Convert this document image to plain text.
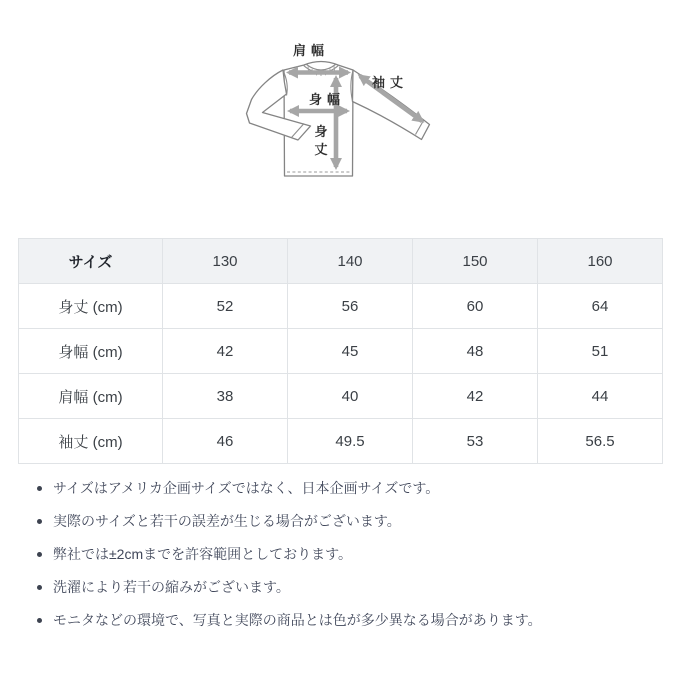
肩幅
袖丈
身幅
身
丈
サイズ	130	140	150	160
身丈 (cm)	52	56	60	64
身幅 (cm)	42	45	48	51
肩幅 (cm)	38	40	42	44
袖丈 (cm)	46	49.5	53	56.5
サイズはアメリカ企画サイズではなく、日本企画サイズです。
実際のサイズと若干の誤差が生じる場合がございます。
弊社では±2cmまでを許容範囲としております。
洗濯により若干の縮みがございます。
モニタなどの環境で、写真と実際の商品とは色が多少異なる場合があります。
